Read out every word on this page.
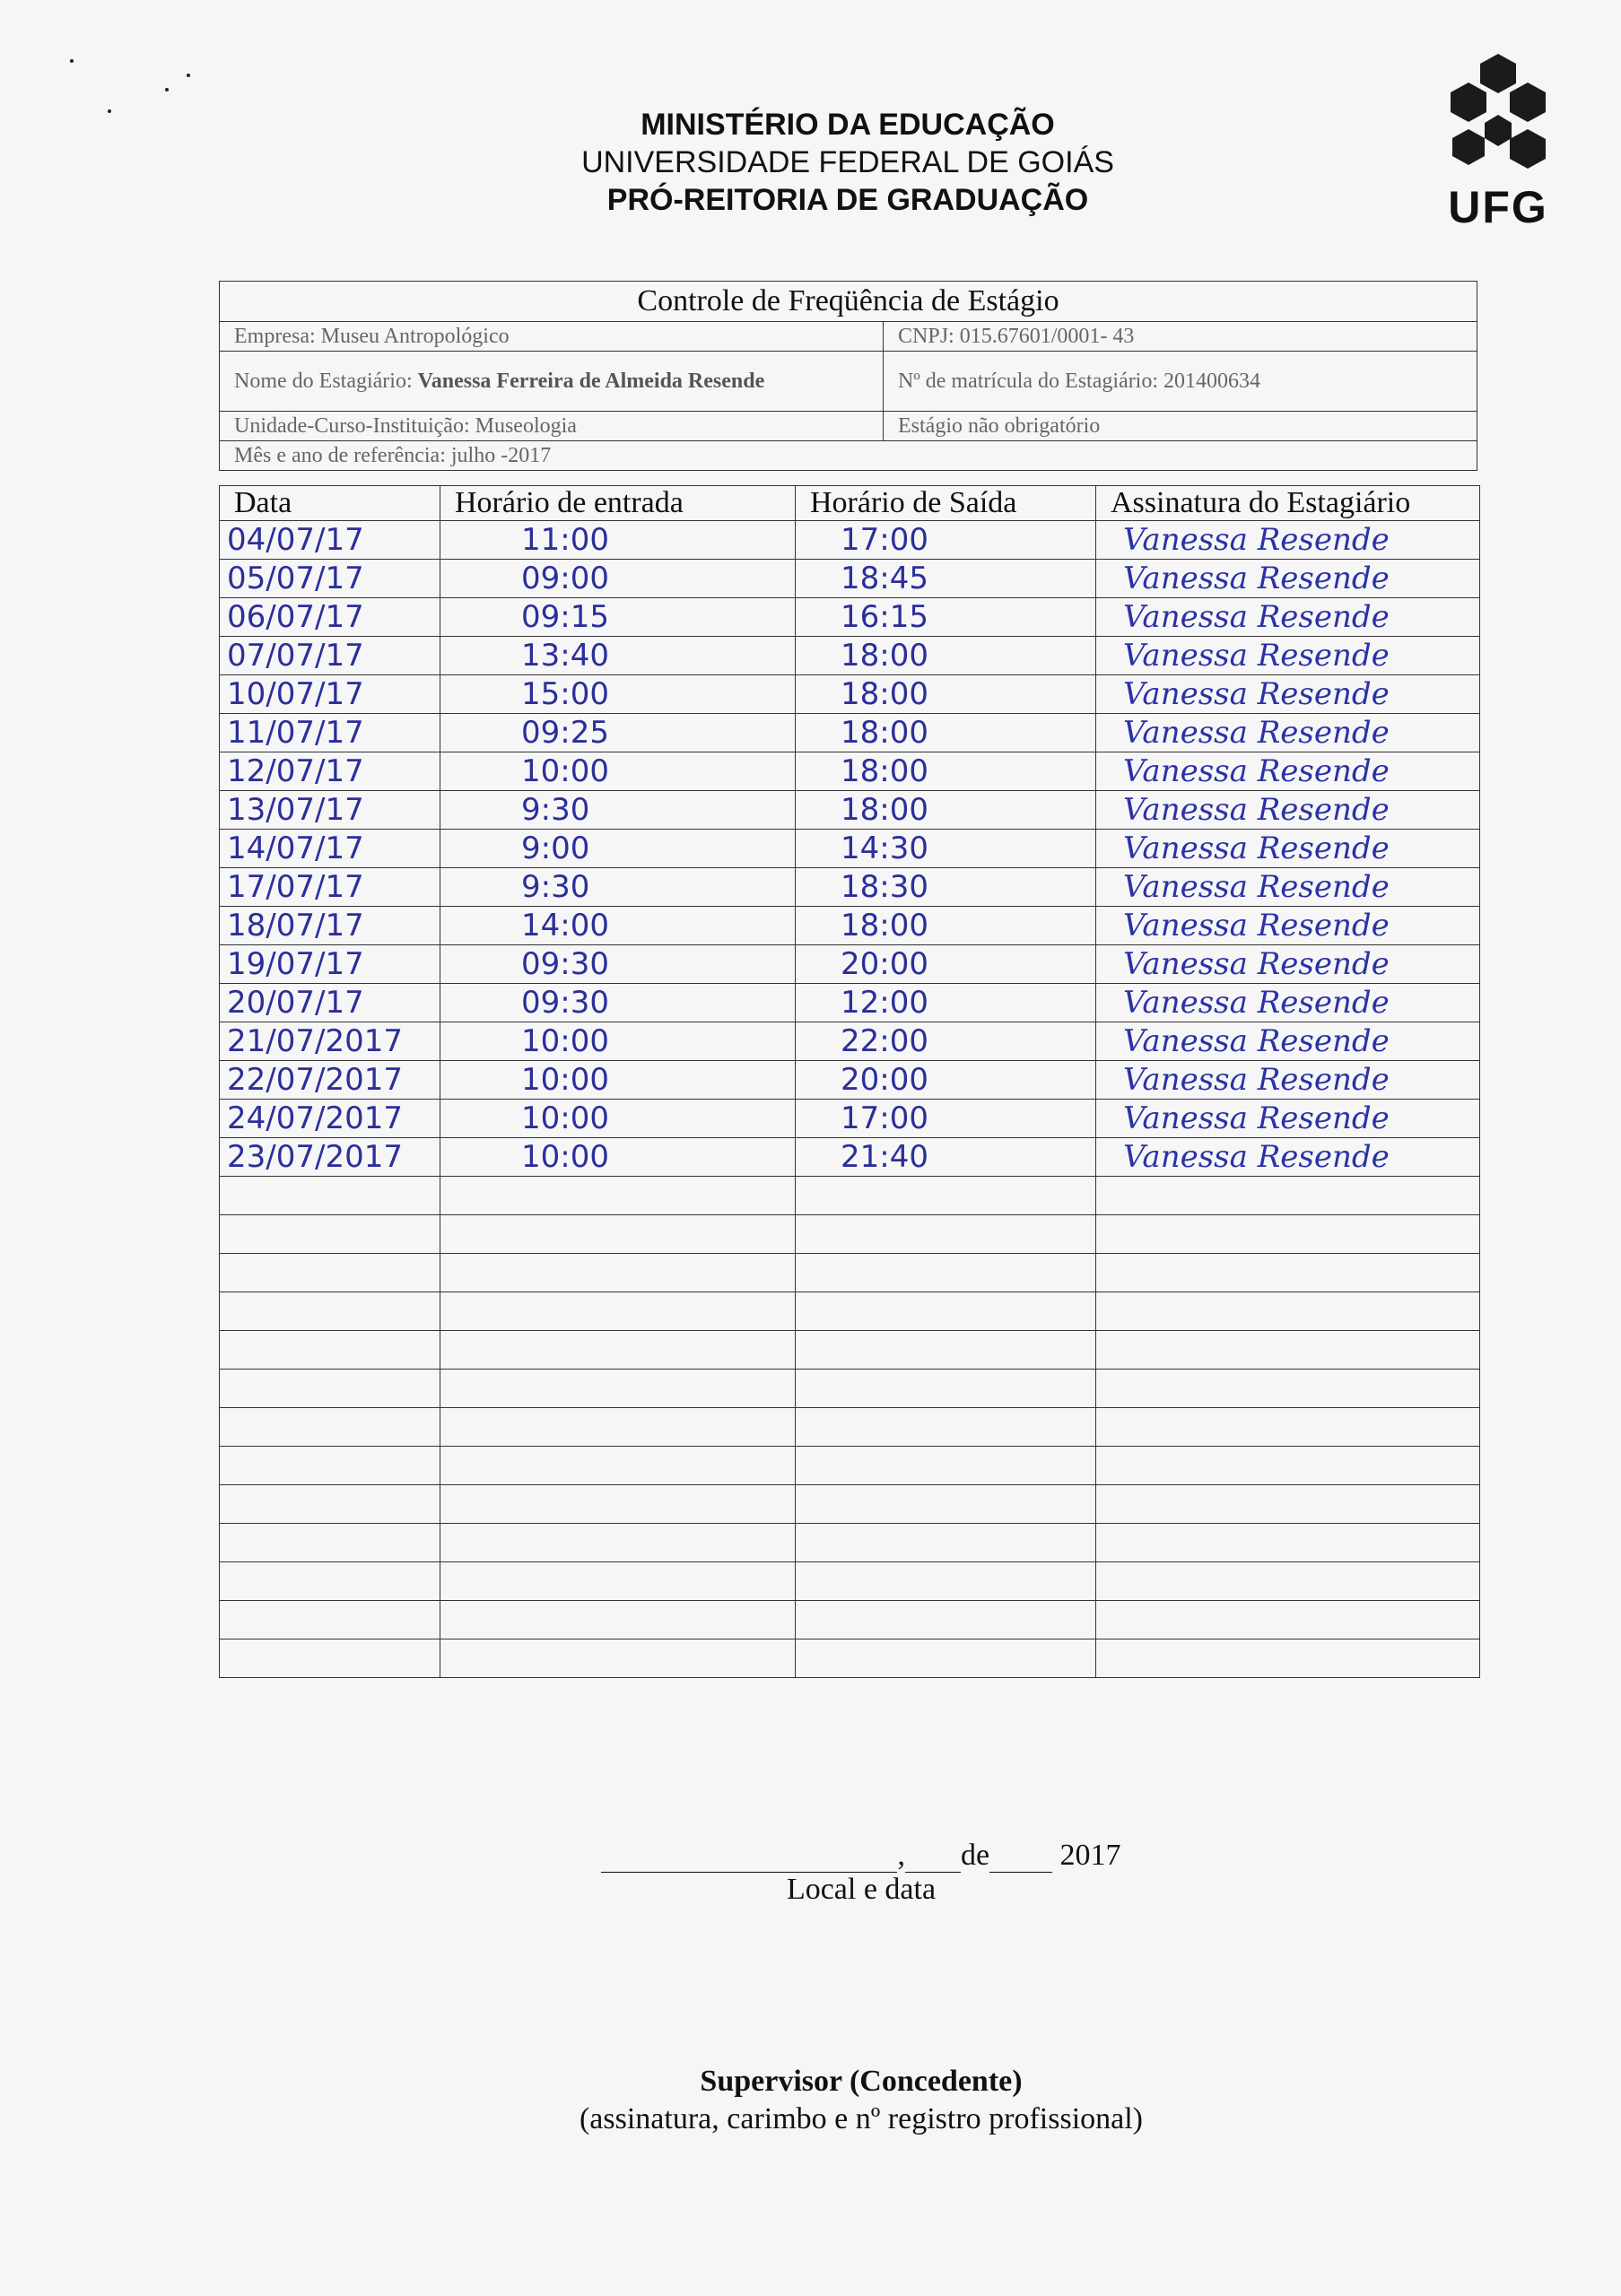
MINISTÉRIO DA EDUCAÇÃO
UNIVERSIDADE FEDERAL DE GOIÁS
PRÓ-REITORIA DE GRADUAÇÃO	UFG
Controle de Freqüência de Estágio	
Empresa: Museu Antropológico	CNPJ: 015.67601/0001- 43
Nome do Estagiário: Vanessa Ferreira de Almeida Resende	Nº de matrícula do Estagiário: 201400634
Unidade-Curso-Instituição: Museologia	Estágio não obrigatório
Mês e ano de referência: julho -2017	
Data	Horário de entrada	Horário de Saída	Assinatura do Estagiário
04/07/17	11:00	17:00	Vanessa Resende
05/07/17	09:00	18:45	Vanessa Resende
06/07/17	09:15	16:15	Vanessa Resende
07/07/17	13:40	18:00	Vanessa Resende
10/07/17	15:00	18:00	Vanessa Resende
11/07/17	09:25	18:00	Vanessa Resende
12/07/17	10:00	18:00	Vanessa Resende
13/07/17	9:30	18:00	Vanessa Resende
14/07/17	9:00	14:30	Vanessa Resende
17/07/17	9:30	18:30	Vanessa Resende
18/07/17	14:00	18:00	Vanessa Resende
19/07/17	09:30	20:00	Vanessa Resende
20/07/17	09:30	12:00	Vanessa Resende
21/07/2017	10:00	22:00	Vanessa Resende
22/07/2017	10:00	20:00	Vanessa Resende
24/07/2017	10:00	17:00	Vanessa Resende
23/07/2017	10:00	21:40	Vanessa Resende

, de 2017
Local e data
Supervisor (Concedente)
(assinatura, carimbo e nº registro profissional)
